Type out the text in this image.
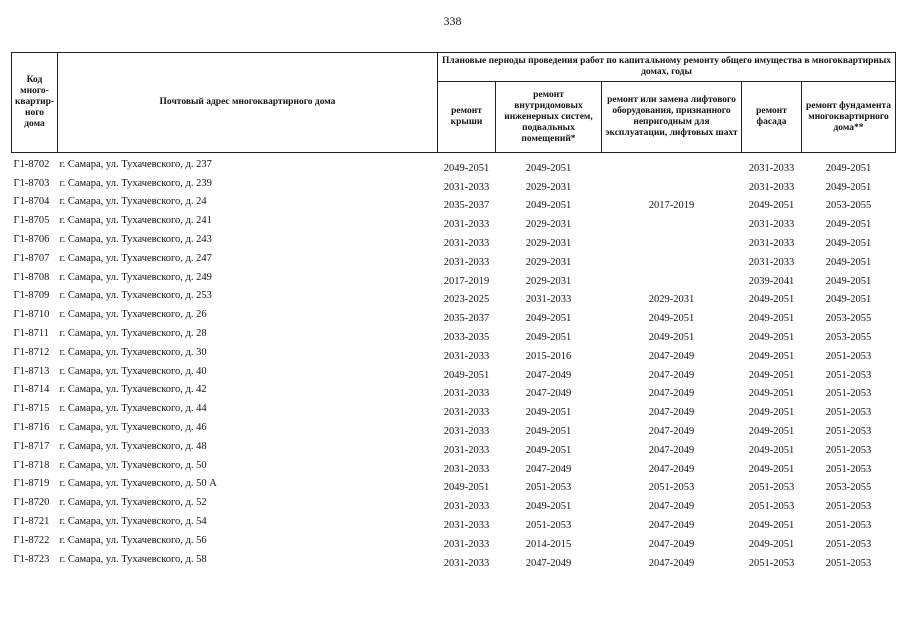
338
Код много-квартир-ного дома	Почтовый адрес многоквартирного дома	Плановые периоды проведения работ по капитальному ремонту общего имущества в многоквартирных домах, годы				
		ремонт крыши	ремонт внутридомовых инженерных систем, подвальных помещений*	ремонт или замена лифтового оборудования, признанного непригодным для эксплуатации, лифтовых шахт	ремонт фасада	ремонт фундамента многоквартирного дома**
Г1-8702	г. Самара, ул. Тухачевского, д. 237	2049-2051	2049-2051		2031-2033	2049-2051
Г1-8703	г. Самара, ул. Тухачевского, д. 239	2031-2033	2029-2031		2031-2033	2049-2051
Г1-8704	г. Самара, ул. Тухачевского, д. 24	2035-2037	2049-2051	2017-2019	2049-2051	2053-2055
Г1-8705	г. Самара, ул. Тухачевского, д. 241	2031-2033	2029-2031		2031-2033	2049-2051
Г1-8706	г. Самара, ул. Тухачевского, д. 243	2031-2033	2029-2031		2031-2033	2049-2051
Г1-8707	г. Самара, ул. Тухачевского, д. 247	2031-2033	2029-2031		2031-2033	2049-2051
Г1-8708	г. Самара, ул. Тухачевского, д. 249	2017-2019	2029-2031		2039-2041	2049-2051
Г1-8709	г. Самара, ул. Тухачевского, д. 253	2023-2025	2031-2033	2029-2031	2049-2051	2049-2051
Г1-8710	г. Самара, ул. Тухачевского, д. 26	2035-2037	2049-2051	2049-2051	2049-2051	2053-2055
Г1-8711	г. Самара, ул. Тухачевского, д. 28	2033-2035	2049-2051	2049-2051	2049-2051	2053-2055
Г1-8712	г. Самара, ул. Тухачевского, д. 30	2031-2033	2015-2016	2047-2049	2049-2051	2051-2053
Г1-8713	г. Самара, ул. Тухачевского, д. 40	2049-2051	2047-2049	2047-2049	2049-2051	2051-2053
Г1-8714	г. Самара, ул. Тухачевского, д. 42	2031-2033	2047-2049	2047-2049	2049-2051	2051-2053
Г1-8715	г. Самара, ул. Тухачевского, д. 44	2031-2033	2049-2051	2047-2049	2049-2051	2051-2053
Г1-8716	г. Самара, ул. Тухачевского, д. 46	2031-2033	2049-2051	2047-2049	2049-2051	2051-2053
Г1-8717	г. Самара, ул. Тухачевского, д. 48	2031-2033	2049-2051	2047-2049	2049-2051	2051-2053
Г1-8718	г. Самара, ул. Тухачевского, д. 50	2031-2033	2047-2049	2047-2049	2049-2051	2051-2053
Г1-8719	г. Самара, ул. Тухачевского, д. 50 А	2049-2051	2051-2053	2051-2053	2051-2053	2053-2055
Г1-8720	г. Самара, ул. Тухачевского, д. 52	2031-2033	2049-2051	2047-2049	2051-2053	2051-2053
Г1-8721	г. Самара, ул. Тухачевского, д. 54	2031-2033	2051-2053	2047-2049	2049-2051	2051-2053
Г1-8722	г. Самара, ул. Тухачевского, д. 56	2031-2033	2014-2015	2047-2049	2049-2051	2051-2053
Г1-8723	г. Самара, ул. Тухачевского, д. 58	2031-2033	2047-2049	2047-2049	2051-2053	2051-2053
